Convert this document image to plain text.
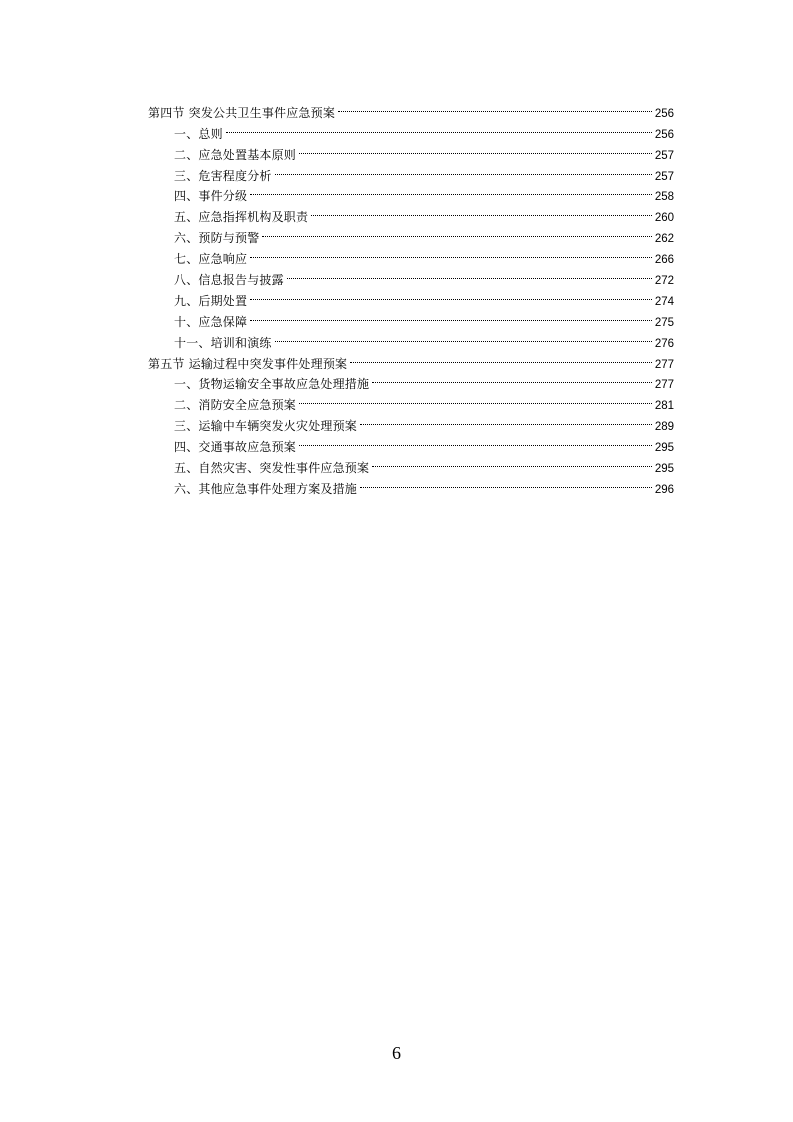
第四节 突发公共卫生事件应急预案	256
一、总则	256
二、应急处置基本原则	257
三、危害程度分析	257
四、事件分级	258
五、应急指挥机构及职责	260
六、预防与预警	262
七、应急响应	266
八、信息报告与披露	272
九、后期处置	274
十、应急保障	275
十一、培训和演练	276
第五节 运输过程中突发事件处理预案	277
一、货物运输安全事故应急处理措施	277
二、消防安全应急预案	281
三、运输中车辆突发火灾处理预案	289
四、交通事故应急预案	295
五、自然灾害、突发性事件应急预案	295
六、其他应急事件处理方案及措施	296
6
